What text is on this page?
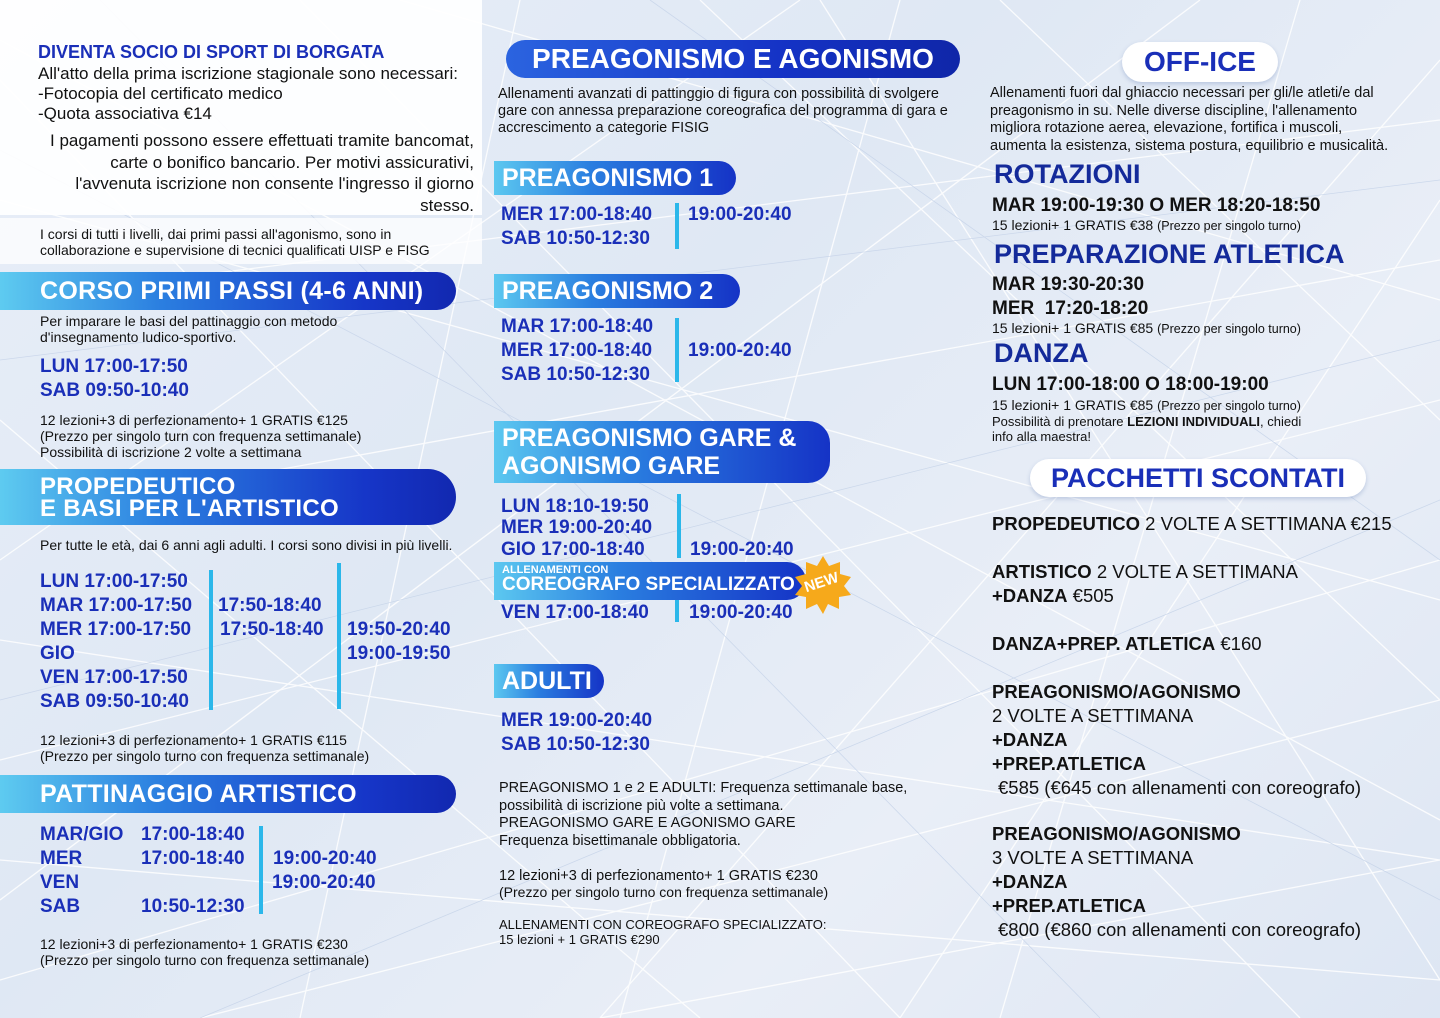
DIVENTA SOCIO DI SPORT DI BORGATA
All'atto della prima iscrizione stagionale sono necessari:
-Fotocopia del certificato medico
-Quota associativa €14
I pagamenti possono essere effettuati tramite bancomat,
carte o bonifico bancario. Per motivi assicurativi,
l'avvenuta iscrizione non consente l'ingresso il giorno
stesso.
I corsi di tutti i livelli, dai primi passi all'agonismo, sono in
collaborazione e supervisione di tecnici qualificati UISP e FISG
CORSO PRIMI PASSI (4-6 ANNI)
Per imparare le basi del pattinaggio con metodo
d'insegnamento ludico-sportivo.
LUN 17:00-17:50
SAB 09:50-10:40
12 lezioni+3 di perfezionamento+ 1 GRATIS €125
(Prezzo per singolo turn con frequenza settimanale)
Possibilità di iscrizione 2 volte a settimana
PROPEDEUTICO
E BASI PER L'ARTISTICO
Per tutte le età, dai 6 anni agli adulti. I corsi sono divisi in più livelli.
LUN 17:00-17:50
MAR 17:00-17:50
MER 17:00-17:50
GIO
VEN 17:00-17:50
SAB 09:50-10:40
17:50-18:40
17:50-18:40 19:50-20:40
19:00-19:50
12 lezioni+3 di perfezionamento+ 1 GRATIS €115
(Prezzo per singolo turno con frequenza settimanale)
PATTINAGGIO ARTISTICO
MAR/GIO
MER
VEN
SAB
17:00-18:40
17:00-18:40
10:50-12:30
19:00-20:40
19:00-20:40
12 lezioni+3 di perfezionamento+ 1 GRATIS €230
(Prezzo per singolo turno con frequenza settimanale)
PREAGONISMO E AGONISMO
Allenamenti avanzati di pattinggio di figura con possibilità di svolgere
gare con annessa preparazione coreografica del programma di gara e
accrescimento a categorie FISIG
PREAGONISMO 1
MER 17:00-18:40
SAB 10:50-12:30
19:00-20:40
PREAGONISMO 2
MAR 17:00-18:40
MER 17:00-18:40
SAB 10:50-12:30
19:00-20:40
PREAGONISMO GARE &
AGONISMO GARE
LUN 18:10-19:50
MER 19:00-20:40
GIO 17:00-18:40 19:00-20:40
ALLENAMENTI CON
COREOGRAFO SPECIALIZZATO NEW
VEN 17:00-18:40 19:00-20:40
ADULTI
MER 19:00-20:40
SAB 10:50-12:30
PREAGONISMO 1 e 2 E ADULTI: Frequenza settimanale base,
possibilità di iscrizione più volte a settimana.
PREAGONISMO GARE E AGONISMO GARE
Frequenza bisettimanale obbligatoria.
12 lezioni+3 di perfezionamento+ 1 GRATIS €230
(Prezzo per singolo turno con frequenza settimanale)
ALLENAMENTI CON COREOGRAFO SPECIALIZZATO:
15 lezioni + 1 GRATIS €290
OFF-ICE
Allenamenti fuori dal ghiaccio necessari per gli/le atleti/e dal
preagonismo in su. Nelle diverse discipline, l'allenamento
migliora rotazione aerea, elevazione, fortifica i muscoli,
aumenta la esistenza, sistema postura, equilibrio e musicalità.
ROTAZIONI
MAR 19:00-19:30 O MER 18:20-18:50
15 lezioni+ 1 GRATIS €38 (Prezzo per singolo turno)
PREPARAZIONE ATLETICA
MAR 19:30-20:30
MER  17:20-18:20
15 lezioni+ 1 GRATIS €85 (Prezzo per singolo turno)
DANZA
LUN 17:00-18:00 O 18:00-19:00
15 lezioni+ 1 GRATIS €85 (Prezzo per singolo turno)
Possibilità di prenotare LEZIONI INDIVIDUALI, chiedi
info alla maestra!
PACCHETTI SCONTATI
PROPEDEUTICO 2 VOLTE A SETTIMANA €215
ARTISTICO 2 VOLTE A SETTIMANA
+DANZA €505
DANZA+PREP. ATLETICA €160
PREAGONISMO/AGONISMO
2 VOLTE A SETTIMANA
+DANZA
+PREP.ATLETICA
€585 (€645 con allenamenti con coreografo)
PREAGONISMO/AGONISMO
3 VOLTE A SETTIMANA
+DANZA
+PREP.ATLETICA
€800 (€860 con allenamenti con coreografo)
